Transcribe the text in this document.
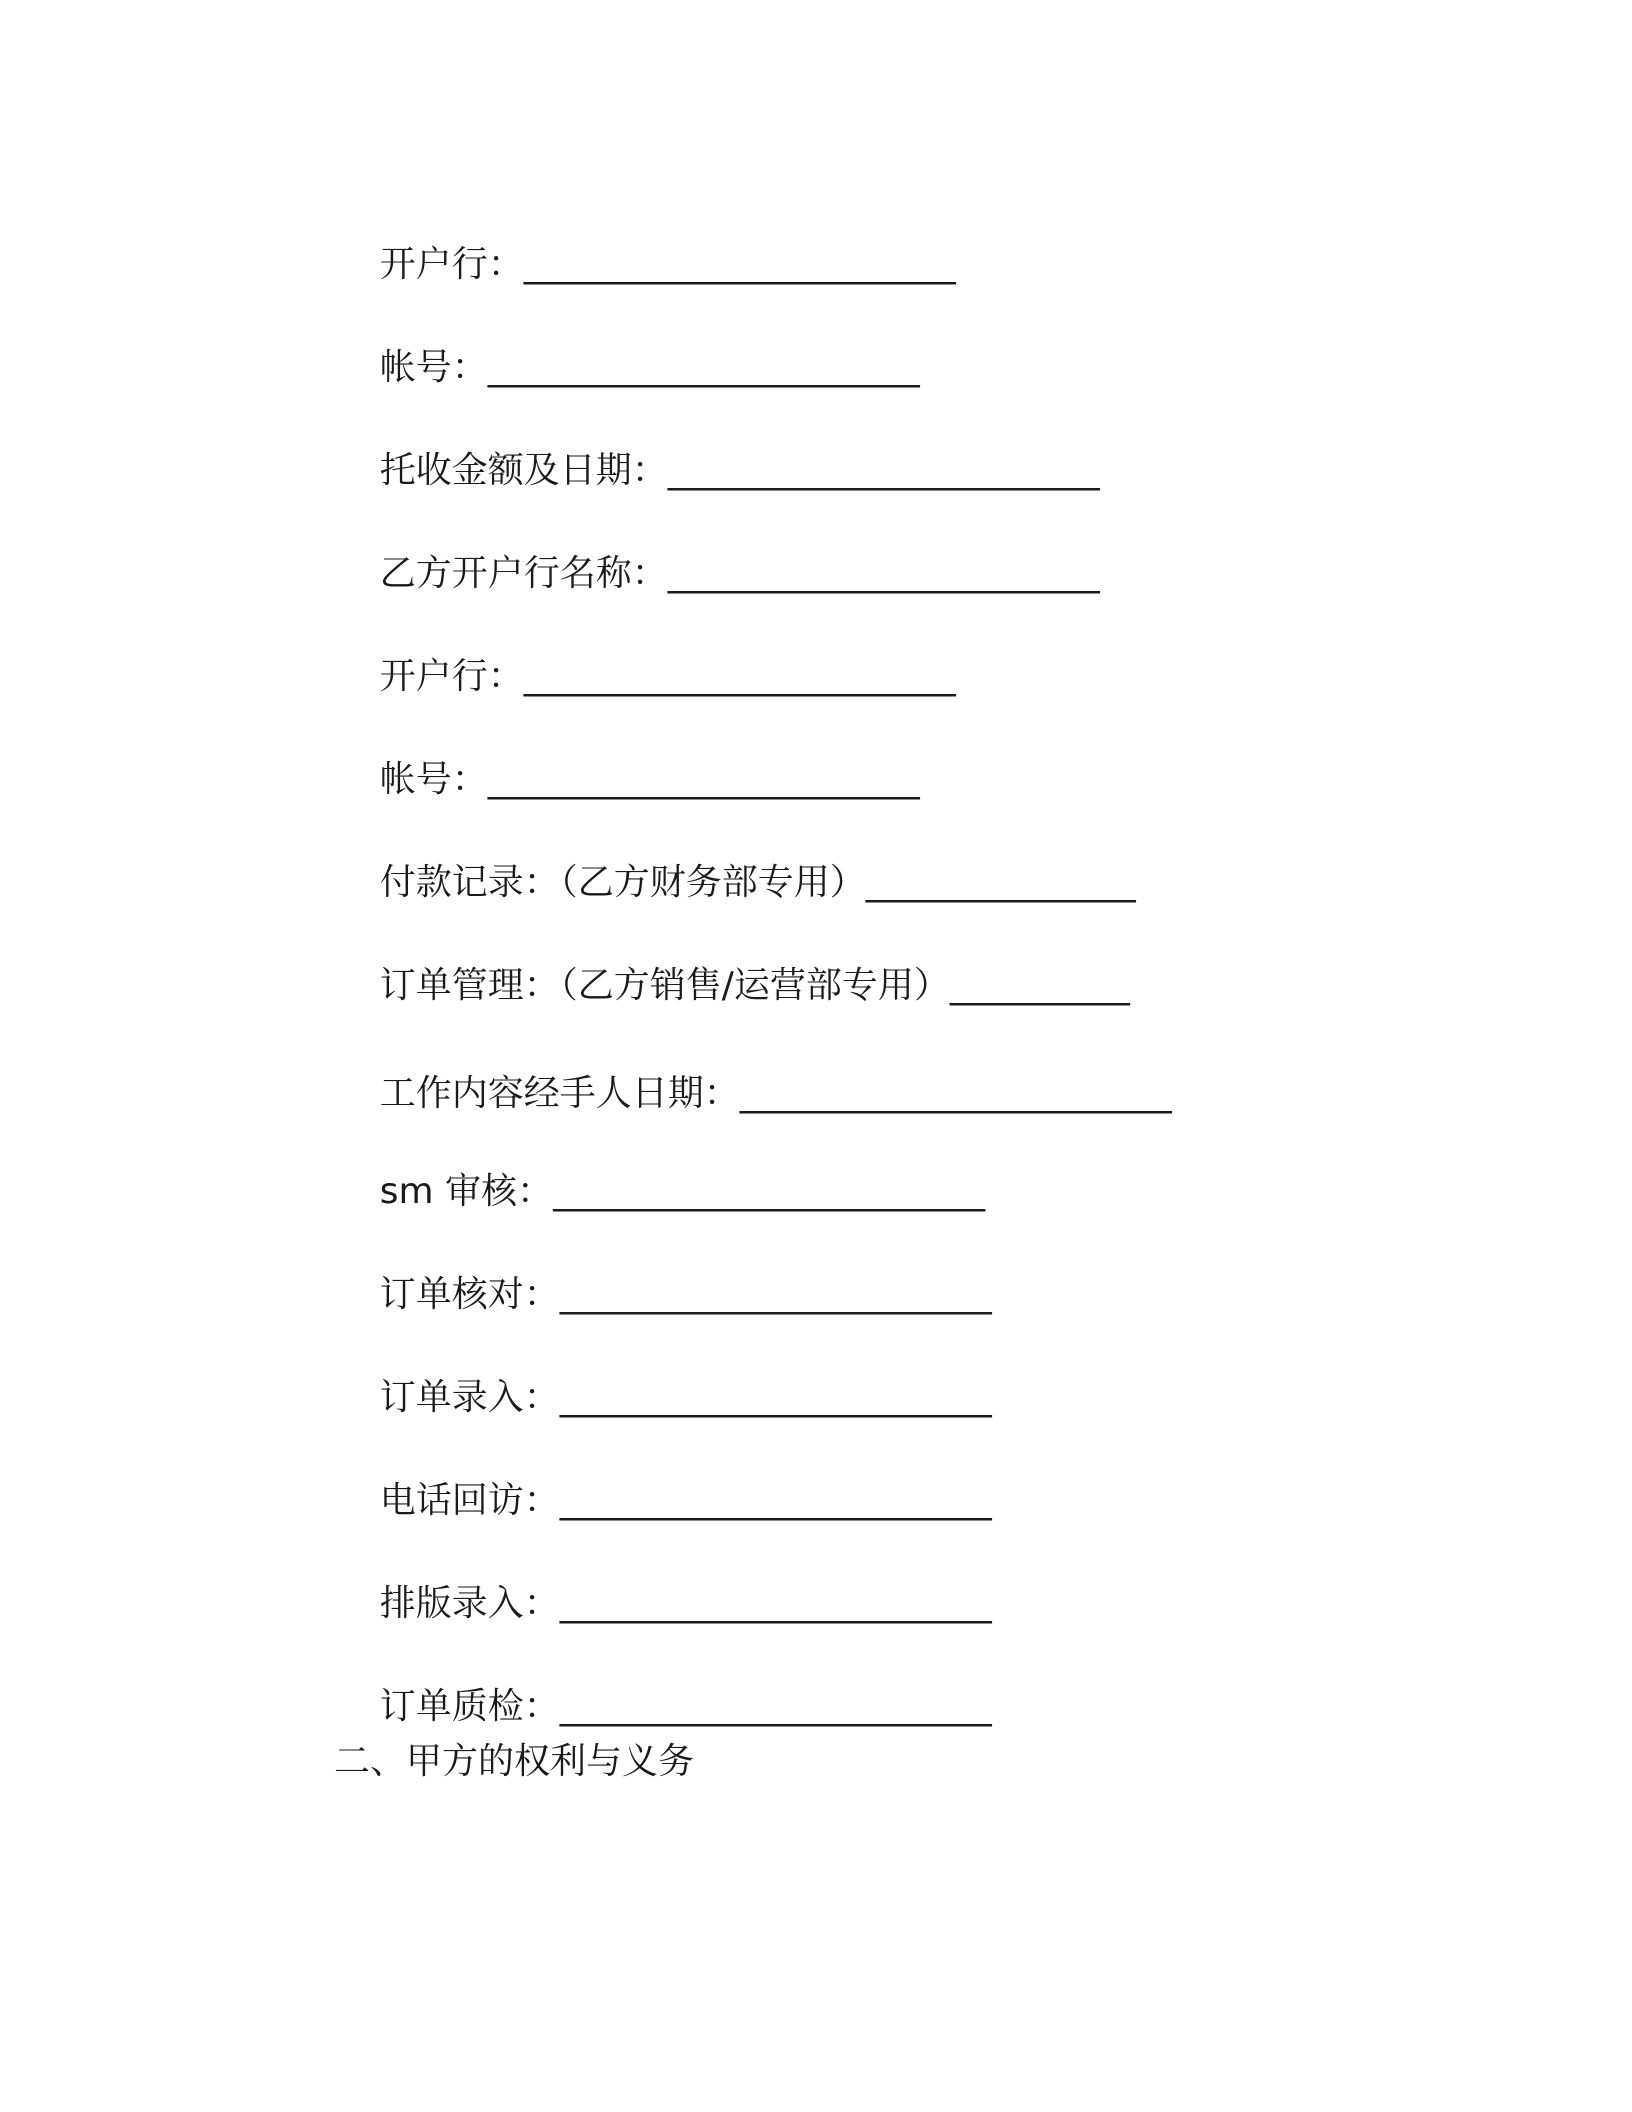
开户行：________________________

帐号：________________________

托收金额及日期：________________________

乙方开户行名称：________________________

开户行：________________________

帐号：________________________

付款记录：（乙方财务部专用）_______________

订单管理：（乙方销售/运营部专用）__________

工作内容经手人日期：________________________

sm 审核：________________________

订单核对：________________________

订单录入：________________________

电话回访：________________________

排版录入：________________________

订单质检：________________________

二、甲方的权利与义务
